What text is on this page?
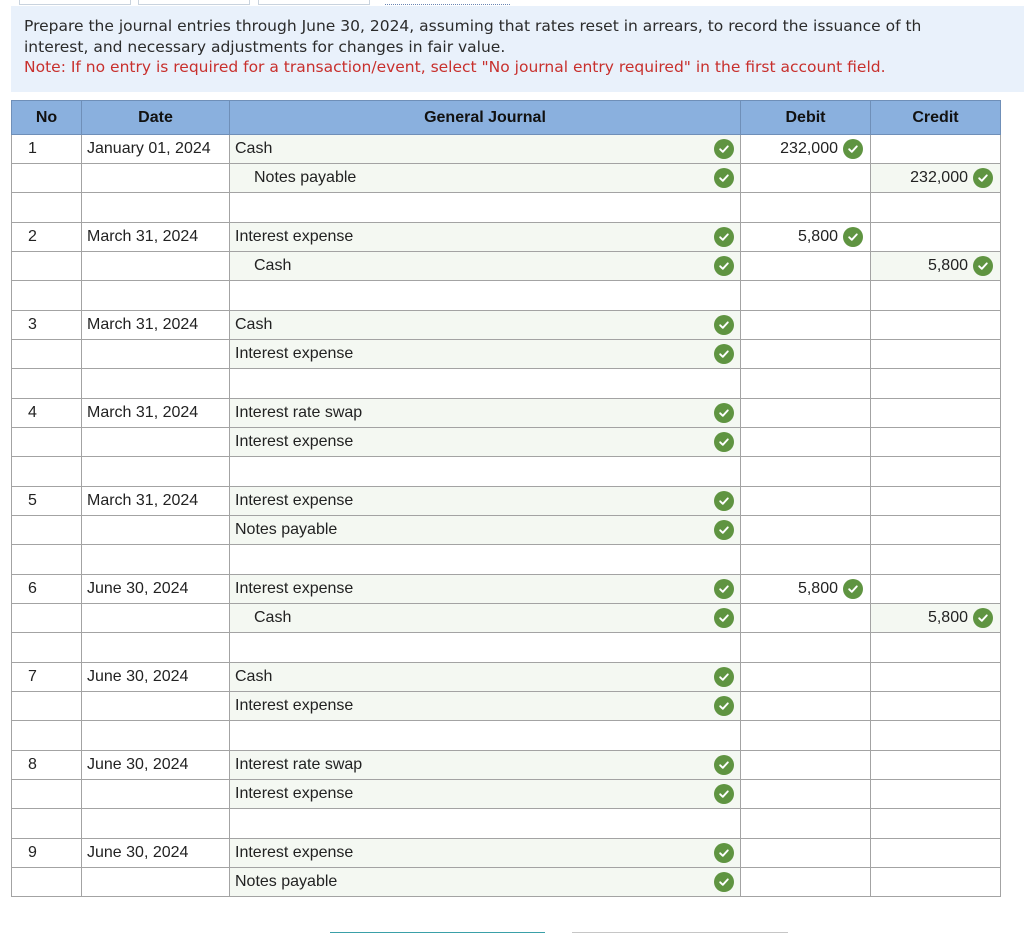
Prepare the journal entries through June 30, 2024, assuming that rates reset in arrears, to record the issuance of th
interest, and necessary adjustments for changes in fair value.
Note: If no entry is required for a transaction/event, select "No journal entry required" in the first account field.
No	Date	General Journal	Debit	Credit
1	January 01, 2024	Cash	232,000

		Notes payable		232,000

2	March 31, 2024	Interest expense	5,800

		Cash		5,800

3	March 31, 2024	Cash

		Interest expense

4	March 31, 2024	Interest rate swap

		Interest expense

5	March 31, 2024	Interest expense

		Notes payable

6	June 30, 2024	Interest expense	5,800

		Cash		5,800

7	June 30, 2024	Cash

		Interest expense

8	June 30, 2024	Interest rate swap

		Interest expense

9	June 30, 2024	Interest expense

		Notes payable
